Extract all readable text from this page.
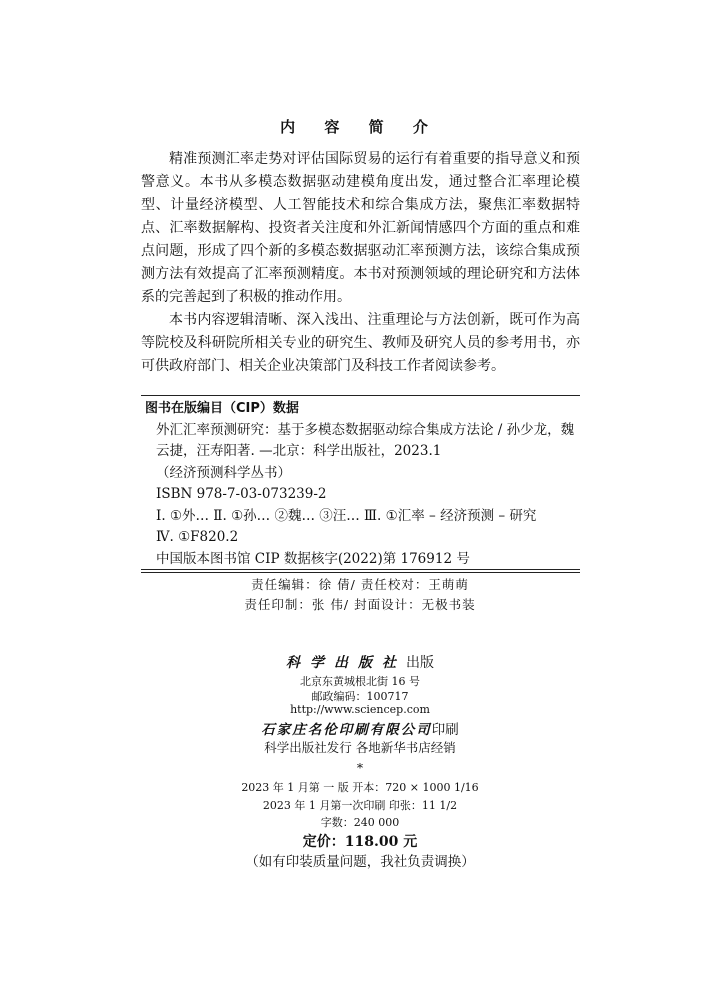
内 容 简 介

精准预测汇率走势对评估国际贸易的运行有着重要的指导意义和预警意义。本书从多模态数据驱动建模角度出发，通过整合汇率理论模型、计量经济模型、人工智能技术和综合集成方法，聚焦汇率数据特点、汇率数据解构、投资者关注度和外汇新闻情感四个方面的重点和难点问题，形成了四个新的多模态数据驱动汇率预测方法，该综合集成预测方法有效提高了汇率预测精度。本书对预测领域的理论研究和方法体系的完善起到了积极的推动作用。

本书内容逻辑清晰、深入浅出、注重理论与方法创新，既可作为高等院校及科研院所相关专业的研究生、教师及研究人员的参考用书，亦可供政府部门、相关企业决策部门及科技工作者阅读参考。

图书在版编目（CIP）数据
外汇汇率预测研究：基于多模态数据驱动综合集成方法论 / 孙少龙，魏
云捷，汪寿阳著. —北京：科学出版社，2023.1
（经济预测科学丛书）
ISBN 978-7-03-073239-2
Ⅰ. ①外… Ⅱ. ①孙… ②魏… ③汪… Ⅲ. ①汇率 – 经济预测 – 研究
Ⅳ. ①F820.2
中国版本图书馆 CIP 数据核字(2022)第 176912 号
责任编辑：徐 倩/ 责任校对：王萌萌
责任印制：张 伟/ 封面设计：无极书装
科学出版社出版
北京东黄城根北街 16 号
邮政编码：100717
http://www.sciencep.com
石家庄名伦印刷有限公司印刷
科学出版社发行 各地新华书店经销
*
2023 年 1 月第 一 版 开本：720 × 1000 1/16
2023 年 1 月第一次印刷 印张：11 1/2
字数：240 000
定价：118.00 元
（如有印装质量问题，我社负责调换）
